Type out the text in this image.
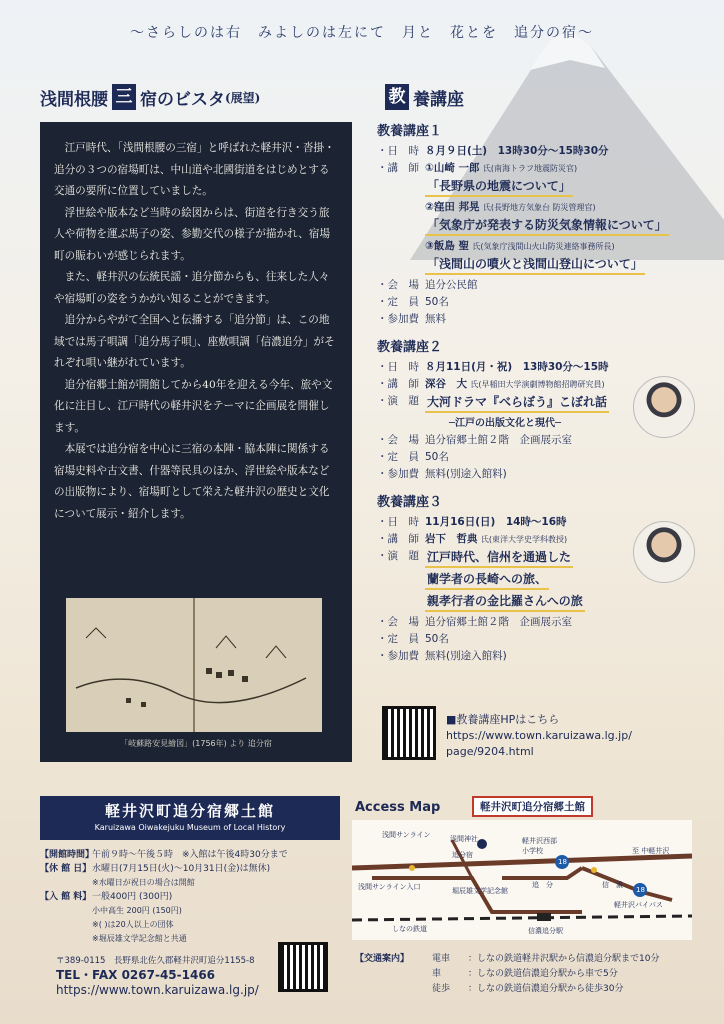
～さらしのは右　みよしのは左にて　月と　花とを　追分の宿～
浅間根腰 三 宿のビスタ (展望)	教 養講座

江戸時代、「浅間根腰の三宿」と呼ばれた軽井沢・沓掛・追分の３つの宿場町は、中山道や北國街道をはじめとする交通の要所に位置していました。

浮世絵や版本など当時の絵図からは、街道を行き交う旅人や荷物を運ぶ馬子の姿、参勤交代の様子が描かれ、宿場町の賑わいが感じられます。

また、軽井沢の伝統民謡・追分節からも、往来した人々や宿場町の姿をうかがい知ることができます。

追分からやがて全国へと伝播する「追分節」は、この地域では馬子唄調「追分馬子唄」、座敷唄調「信濃追分」がそれぞれ唄い継がれています。

追分宿郷土館が開館してから40年を迎える今年、旅や文化に注目し、江戸時代の軽井沢をテーマに企画展を開催します。

本展では追分宿を中心に三宿の本陣・脇本陣に関係する宿場史料や古文書、什器等民具のほか、浮世絵や版本などの出版物により、宿場町として栄えた軽井沢の歴史と文化について展示・紹介します。

「岐蘇路安見繪図」(1756年) より 追分宿
教養講座１
・日　時 ８月９日(土)　13時30分～15時30分
・講　師 ①山崎 一郎 氏(南海トラフ地震防災官)
「長野県の地震について」
②窪田 邦晃 氏(長野地方気象台 防災管理官)
「気象庁が発表する防災気象情報について」
③飯島 聖 氏(気象庁浅間山火山防災連絡事務所長)
「浅間山の噴火と浅間山登山について」
・会　場 追分公民館
・定　員 50名
・参加費 無料
教養講座２
・日　時 ８月11日(月・祝)　13時30分～15時
・講　師 深谷　大 氏(早稲田大学演劇博物館招聘研究員)
・演　題 大河ドラマ『べらぼう』こぼれ話
─江戸の出版文化と現代─
・会　場 追分宿郷土館２階　企画展示室
・定　員 50名
・参加費 無料(別途入館料)
教養講座３
・日　時 11月16日(日)　14時～16時
・講　師 岩下　哲典 氏(東洋大学史学科教授)
・演　題 江戸時代、信州を通過した
蘭学者の長崎への旅、
親孝行者の金比羅さんへの旅
・会　場 追分宿郷土館２階　企画展示室
・定　員 50名
・参加費 無料(別途入館料)
■教養講座HPはこちら
https://www.town.karuizawa.lg.jp/
page/9204.html
軽井沢町追分宿郷土館
Karuizawa Oiwakejuku Museum of Local History
【開館時間】
午前９時～午後５時　※入館は午後4時30分まで
【休 館 日】 水曜日(7月15日(火)～10月31日(金)は無休)
※水曜日が祝日の場合は開館
【入 館 料】 一般400円 (300円)
小中高生 200円 (150円)
※( )は20人以上の団体
※堀辰雄文学記念館と共通
〒389-0115　長野県北佐久郡軽井沢町追分1155-8
TEL・FAX 0267-45-1466
https://www.town.karuizawa.lg.jp/
Access Map	軽井沢町追分宿郷土館
浅間サンライン	浅間神社
追分宿
軽井沢西部小学校	至 中軽井沢
浅間サンライン入口	堀辰雄文学記念館
追　分	信　濃
軽井沢バイパス
しなの鉄道	信濃追分駅
18
18
【交通案内】	電車	：しなの鉄道軽井沢駅から信濃追分駅まで10分
車	：しなの鉄道信濃追分駅から車で5分
徒歩	：しなの鉄道信濃追分駅から徒歩30分
